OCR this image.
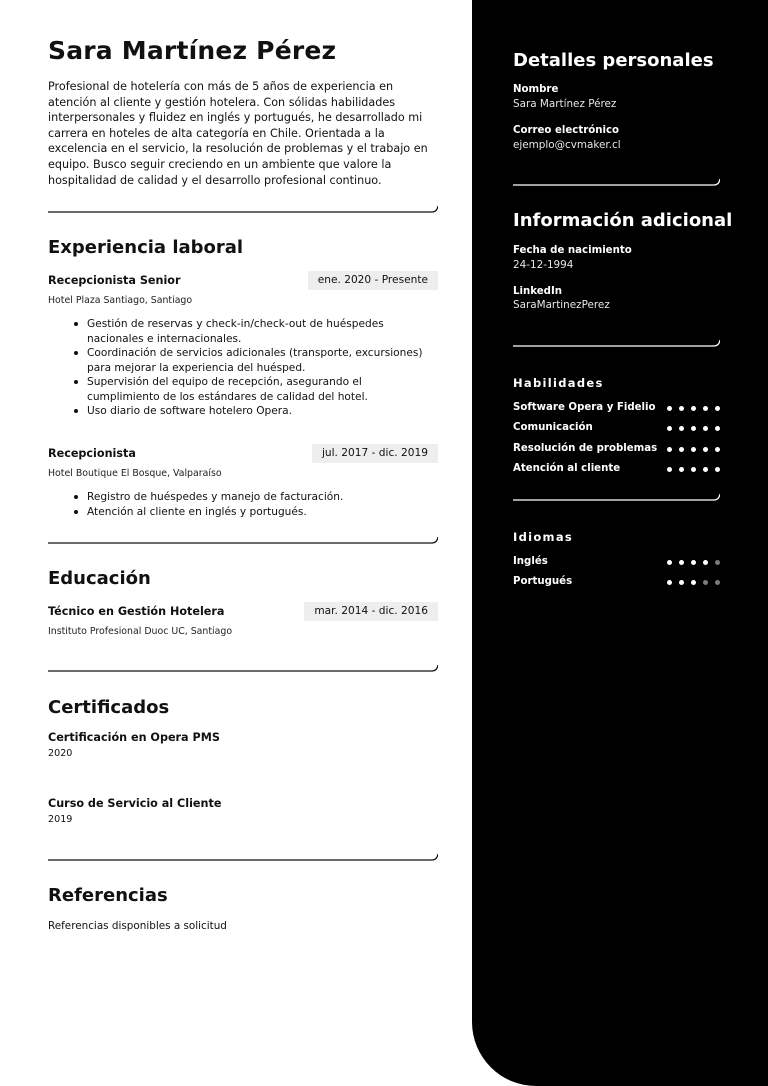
Sara Martínez Pérez

Profesional de hotelería con más de 5 años de experiencia en atención al cliente y gestión hotelera. Con sólidas habilidades interpersonales y fluidez en inglés y portugués, he desarrollado mi carrera en hoteles de alta categoría en Chile. Orientada a la excelencia en el servicio, la resolución de problemas y el trabajo en equipo. Busco seguir creciendo en un ambiente que valore la hospitalidad de calidad y el desarrollo profesional continuo.

Experiencia laboral
Recepcionista Senior	ene. 2020 - Presente
Hotel Plaza Santiago, Santiago
Gestión de reservas y check-in/check-out de huéspedes nacionales e internacionales.
Coordinación de servicios adicionales (transporte, excursiones) para mejorar la experiencia del huésped.
Supervisión del equipo de recepción, asegurando el cumplimiento de los estándares de calidad del hotel.
Uso diario de software hotelero Opera.
Recepcionista	jul. 2017 - dic. 2019
Hotel Boutique El Bosque, Valparaíso
Registro de huéspedes y manejo de facturación.
Atención al cliente en inglés y portugués.
Educación
Técnico en Gestión Hotelera	mar. 2014 - dic. 2016
Instituto Profesional Duoc UC, Santiago
Certificados
Certificación en Opera PMS
2020
Curso de Servicio al Cliente
2019
Referencias
Referencias disponibles a solicitud
Detalles personales
Nombre
Sara Martínez Pérez
Correo electrónico
ejemplo@cvmaker.cl
Información adicional
Fecha de nacimiento
24-12-1994
LinkedIn
SaraMartinezPerez
Habilidades
Software Opera y Fidelio
Comunicación
Resolución de problemas
Atención al cliente
Idiomas
Inglés
Portugués
